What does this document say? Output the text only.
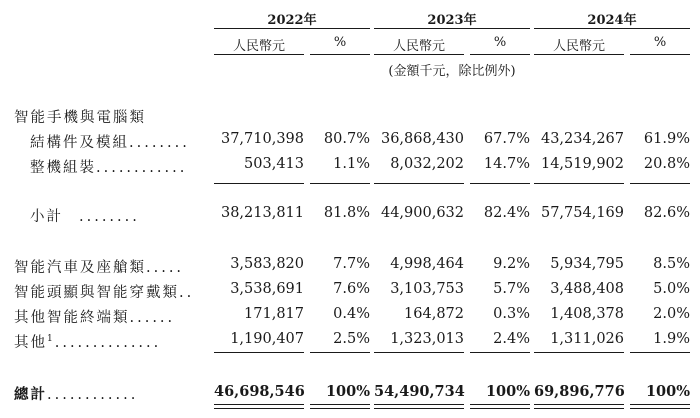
2022年	2023年	2024年
人民幣元	%	人民幣元	%	人民幣元	%
(金額千元，除比例外)
智能手機與電腦類
結構件及模組........	37,710,398	80.7% 36,868,430	67.7% 43,234,267	61.9%
整機組裝............	503,413	1.1%	8,032,202	14.7% 14,519,902	20.8%
小計 ........	38,213,811	81.8% 44,900,632	82.4% 57,754,169	82.6%
智能汽車及座艙類.....	3,583,820	7.7%	4,998,464	9.2%	5,934,795	8.5%
智能頭顯與智能穿戴類..	3,538,691	7.6%	3,103,753	5.7%	3,488,408	5.0%
其他智能終端類......	171,817	0.4%	164,872	0.3%	1,408,378	2.0%
其他$^1$..............	1,190,407	2.5%	1,323,013	2.4%	1,311,026	1.9%
總計............	46,698,546	100% 54,490,734	100% 69,896,776	100%
